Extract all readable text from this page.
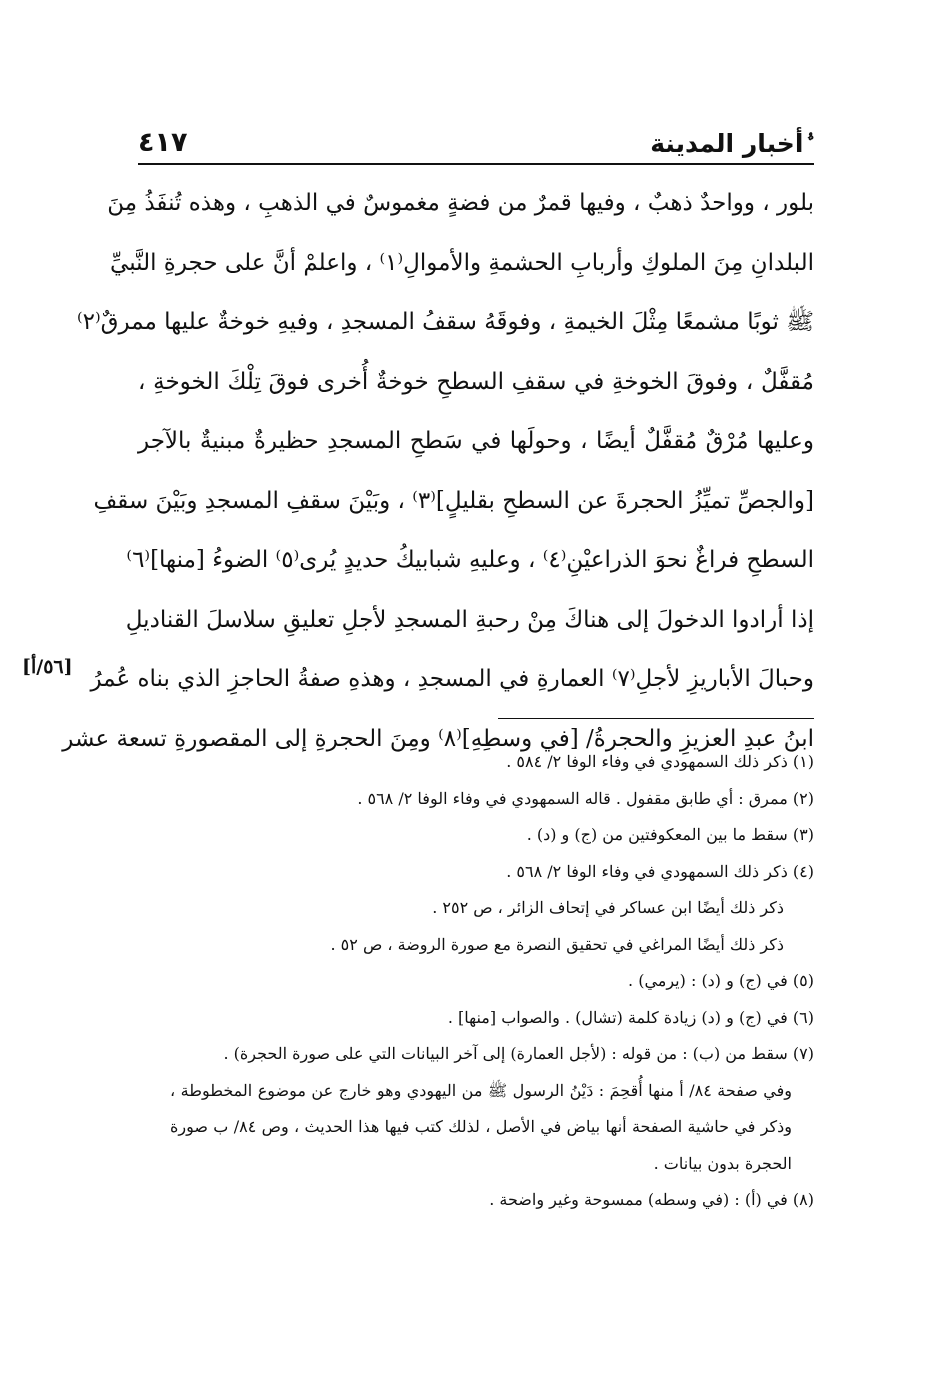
ﱡ
أخبار المدينة
٤١٧
[٥٦/أ]
بلور ، وواحدٌ ذهبٌ ، وفيها قمرٌ من فضةٍ مغموسٌ في الذهبِ ، وهذه تُنفَذُ مِنَ
البلدانِ مِنَ الملوكِ وأربابِ الحشمةِ والأموالِ⁽١⁾ ، واعلمْ أنَّ على حجرةِ النَّبيِّ
ﷺ ثوبًا مشمعًا مِثْلَ الخيمةِ ، وفوقَهُ سقفُ المسجدِ ، وفيهِ خوخةٌ عليها ممرقٌ⁽٢⁾
مُقفَّلٌ ، وفوقَ الخوخةِ في سقفِ السطحِ خوخةٌ أُخرى فوقَ تِلْكَ الخوخةِ ،
وعليها مُرْقٌ مُقفَّلٌ أيضًا ، وحولَها في سَطحِ المسجدِ حظيرةٌ مبنيةٌ بالآجر
[والجصِّ تميِّزُ الحجرةَ عن السطحِ بقليلٍ]⁽٣⁾ ، وبَيْنَ سقفِ المسجدِ وبَيْنَ سقفِ
السطحِ فراغٌ نحوَ الذراعيْنِ⁽٤⁾ ، وعليهِ شبابيكُ حديدٍ يُرى⁽٥⁾ الضوءُ [منها]⁽٦⁾
إذا أرادوا الدخولَ إلى هناكَ مِنْ رحبةِ المسجدِ لأجلِ تعليقِ سلاسلَ القناديلِ
وحبالَ الأباريزِ لأجلِ⁽٧⁾ العمارةِ في المسجدِ ، وهذهِ صفةُ الحاجزِ الذي بناه عُمرُ
ابنُ عبدِ العزيزِ والحجرةُ/ [في وسطِهِ]⁽٨⁾ ومِنَ الحجرةِ إلى المقصورةِ تسعة عشر
(١) ذكر ذلك السمهودي في وفاء الوفا ٢/ ٥٨٤ .
(٢) ممرق : أي طابق مقفول . قاله السمهودي في وفاء الوفا ٢/ ٥٦٨ .
(٣) سقط ما بين المعكوفتين من (ج) و (د) .
(٤) ذكر ذلك السمهودي في وفاء الوفا ٢/ ٥٦٨ .
ذكر ذلك أيضًا ابن عساكر في إتحاف الزائر ، ص ٢٥٢ .
ذكر ذلك أيضًا المراغي في تحقيق النصرة مع صورة الروضة ، ص ٥٢ .
(٥) في (ج) و (د) : (يرمي) .
(٦) في (ج) و (د) زيادة كلمة (تشال) . والصواب [منها] .
(٧) سقط من (ب) : من قوله : (لأجل العمارة) إلى آخر البيانات التي على صورة الحجرة) .
وفي صفحة ٨٤/ أ منها أُقحِمَ : دَيْنُ الرسول ﷺ من اليهودي وهو خارج عن موضوع المخطوطة ،
وذكر في حاشية الصفحة أنها بياض في الأصل ، لذلك كتب فيها هذا الحديث ، وص ٨٤/ ب صورة
الحجرة بدون بيانات .
(٨) في (أ) : (في وسطه) ممسوحة وغير واضحة .
